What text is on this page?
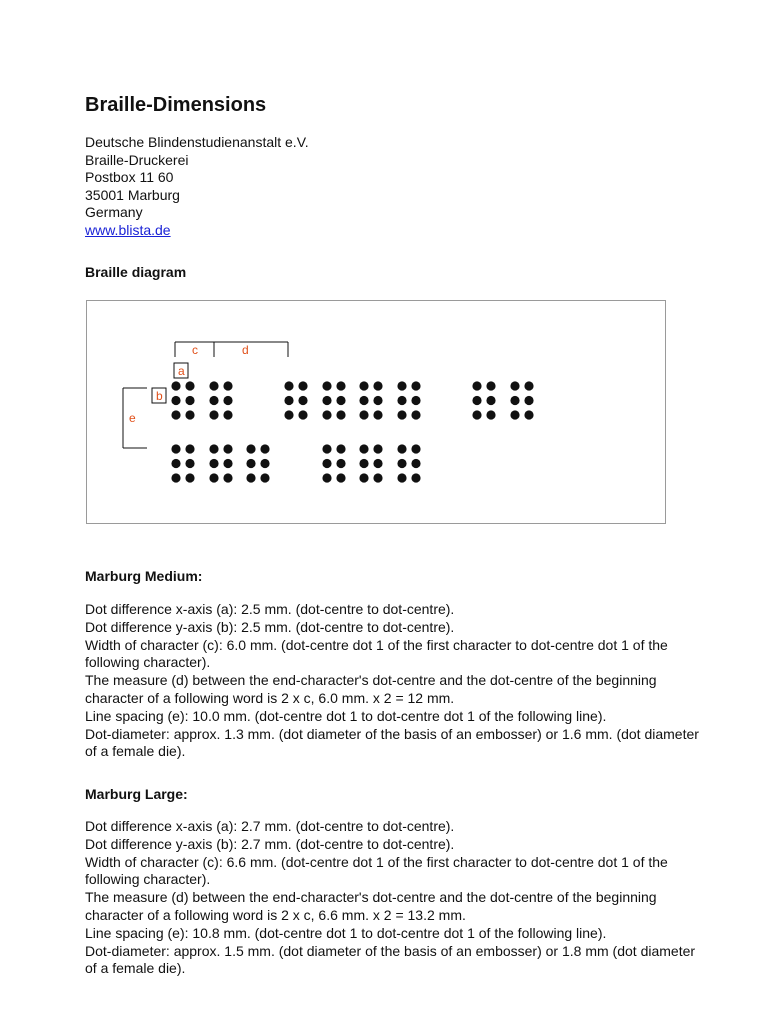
Braille-Dimensions
Deutsche Blindenstudienanstalt e.V.
Braille-Druckerei
Postbox 11 60
35001 Marburg
Germany
www.blista.de
Braille diagram
c	d
a
b
e
Marburg Medium:

Dot difference x-axis (a): 2.5 mm. (dot-centre to dot-centre).

Dot difference y-axis (b): 2.5 mm. (dot-centre to dot-centre).

Width of character (c): 6.0 mm. (dot-centre dot 1 of the first character to dot-centre dot 1 of the following character).

The measure (d) between the end-character's dot-centre and the dot-centre of the beginning character of a following word is 2 x c, 6.0 mm. x 2 = 12 mm.

Line spacing (e): 10.0 mm. (dot-centre dot 1 to dot-centre dot 1 of the following line).

Dot-diameter: approx. 1.3 mm. (dot diameter of the basis of an embosser) or 1.6 mm. (dot diameter of a female die).

Marburg Large:

Dot difference x-axis (a): 2.7 mm. (dot-centre to dot-centre).

Dot difference y-axis (b): 2.7 mm. (dot-centre to dot-centre).

Width of character (c): 6.6 mm. (dot-centre dot 1 of the first character to dot-centre dot 1 of the following character).

The measure (d) between the end-character's dot-centre and the dot-centre of the beginning character of a following word is 2 x c, 6.6 mm. x 2 = 13.2 mm.

Line spacing (e): 10.8 mm. (dot-centre dot 1 to dot-centre dot 1 of the following line).

Dot-diameter: approx. 1.5 mm. (dot diameter of the basis of an embosser) or 1.8 mm (dot diameter of a female die).
